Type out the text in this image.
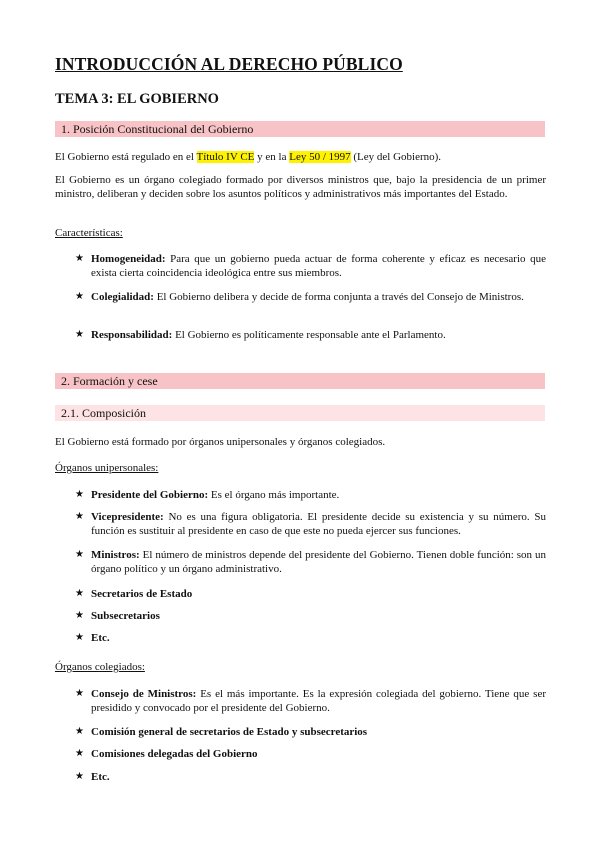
INTRODUCCIÓN AL DERECHO PÚBLICO
TEMA 3: EL GOBIERNO
1. Posición Constitucional del Gobierno
El Gobierno está regulado en el Título IV CE y en la Ley 50 / 1997 (Ley del Gobierno).
El Gobierno es un órgano colegiado formado por diversos ministros que, bajo la presidencia de un primer ministro, deliberan y deciden sobre los asuntos políticos y administrativos más importantes del Estado.
Características:
★ Homogeneidad: Para que un gobierno pueda actuar de forma coherente y eficaz es necesario que exista cierta coincidencia ideológica entre sus miembros.
★ Colegialidad: El Gobierno delibera y decide de forma conjunta a través del Consejo de Ministros.
★ Responsabilidad: El Gobierno es políticamente responsable ante el Parlamento.
2. Formación y cese
2.1. Composición
El Gobierno está formado por órganos unipersonales y órganos colegiados.
Órganos unipersonales:
★ Presidente del Gobierno: Es el órgano más importante.
★ Vicepresidente: No es una figura obligatoria. El presidente decide su existencia y su número. Su función es sustituir al presidente en caso de que este no pueda ejercer sus funciones.
★ Ministros: El número de ministros depende del presidente del Gobierno. Tienen doble función: son un órgano político y un órgano administrativo.
★ Secretarios de Estado
★ Subsecretarios
★ Etc.
Órganos colegiados:
★ Consejo de Ministros: Es el más importante. Es la expresión colegiada del gobierno. Tiene que ser presidido y convocado por el presidente del Gobierno.
★ Comisión general de secretarios de Estado y subsecretarios
★ Comisiones delegadas del Gobierno
★ Etc.
